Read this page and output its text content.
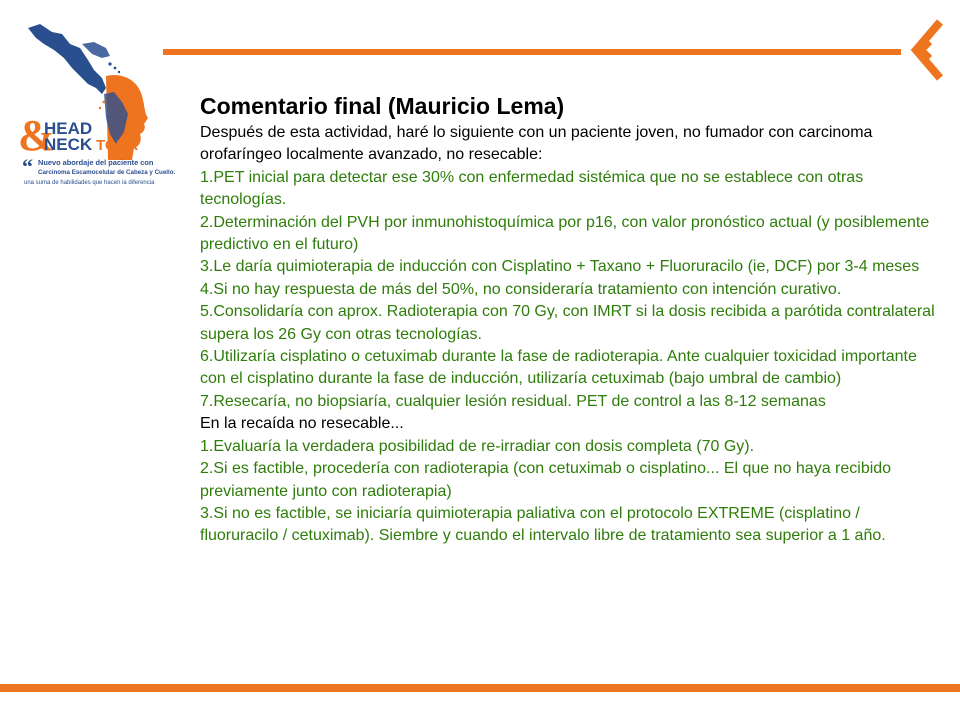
&
HEAD
NECK TOUR
“ Nuevo abordaje del paciente con
Carcinoma Escamocelular de Cabeza y Cuello.
una suma de habilidades que hacen la diferencia
Comentario final (Mauricio Lema)

Después de esta actividad, haré lo siguiente con un paciente joven, no fumador con carcinoma orofaríngeo localmente avanzado, no resecable:

1.PET inicial para detectar ese 30% con enfermedad sistémica que no se establece con otras tecnologías.

2.Determinación del PVH por inmunohistoquímica por p16, con valor pronóstico actual (y posiblemente predictivo en el futuro)

3.Le daría quimioterapia de inducción con Cisplatino + Taxano + Fluoruracilo (ie, DCF) por 3-4 meses

4.Si no hay respuesta de más del 50%, no consideraría tratamiento con intención curativo.

5.Consolidaría con aprox. Radioterapia con 70 Gy, con IMRT si la dosis recibida a parótida contralateral supera los 26 Gy con otras tecnologías.

6.Utilizaría cisplatino o cetuximab durante la fase de radioterapia. Ante cualquier toxicidad importante con el cisplatino durante la fase de inducción, utilizaría cetuximab (bajo umbral de cambio)

7.Resecaría, no biopsiaría, cualquier lesión residual. PET de control a las 8-12 semanas

En la recaída no resecable...

1.Evaluaría la verdadera posibilidad de re-irradiar con dosis completa (70 Gy).

2.Si es factible, procedería con radioterapia (con cetuximab o cisplatino... El que no haya recibido previamente junto con radioterapia)

3.Si no es factible, se iniciaría quimioterapia paliativa con el protocolo EXTREME (cisplatino / fluoruracilo / cetuximab). Siembre y cuando el intervalo libre de tratamiento sea superior a 1 año.
